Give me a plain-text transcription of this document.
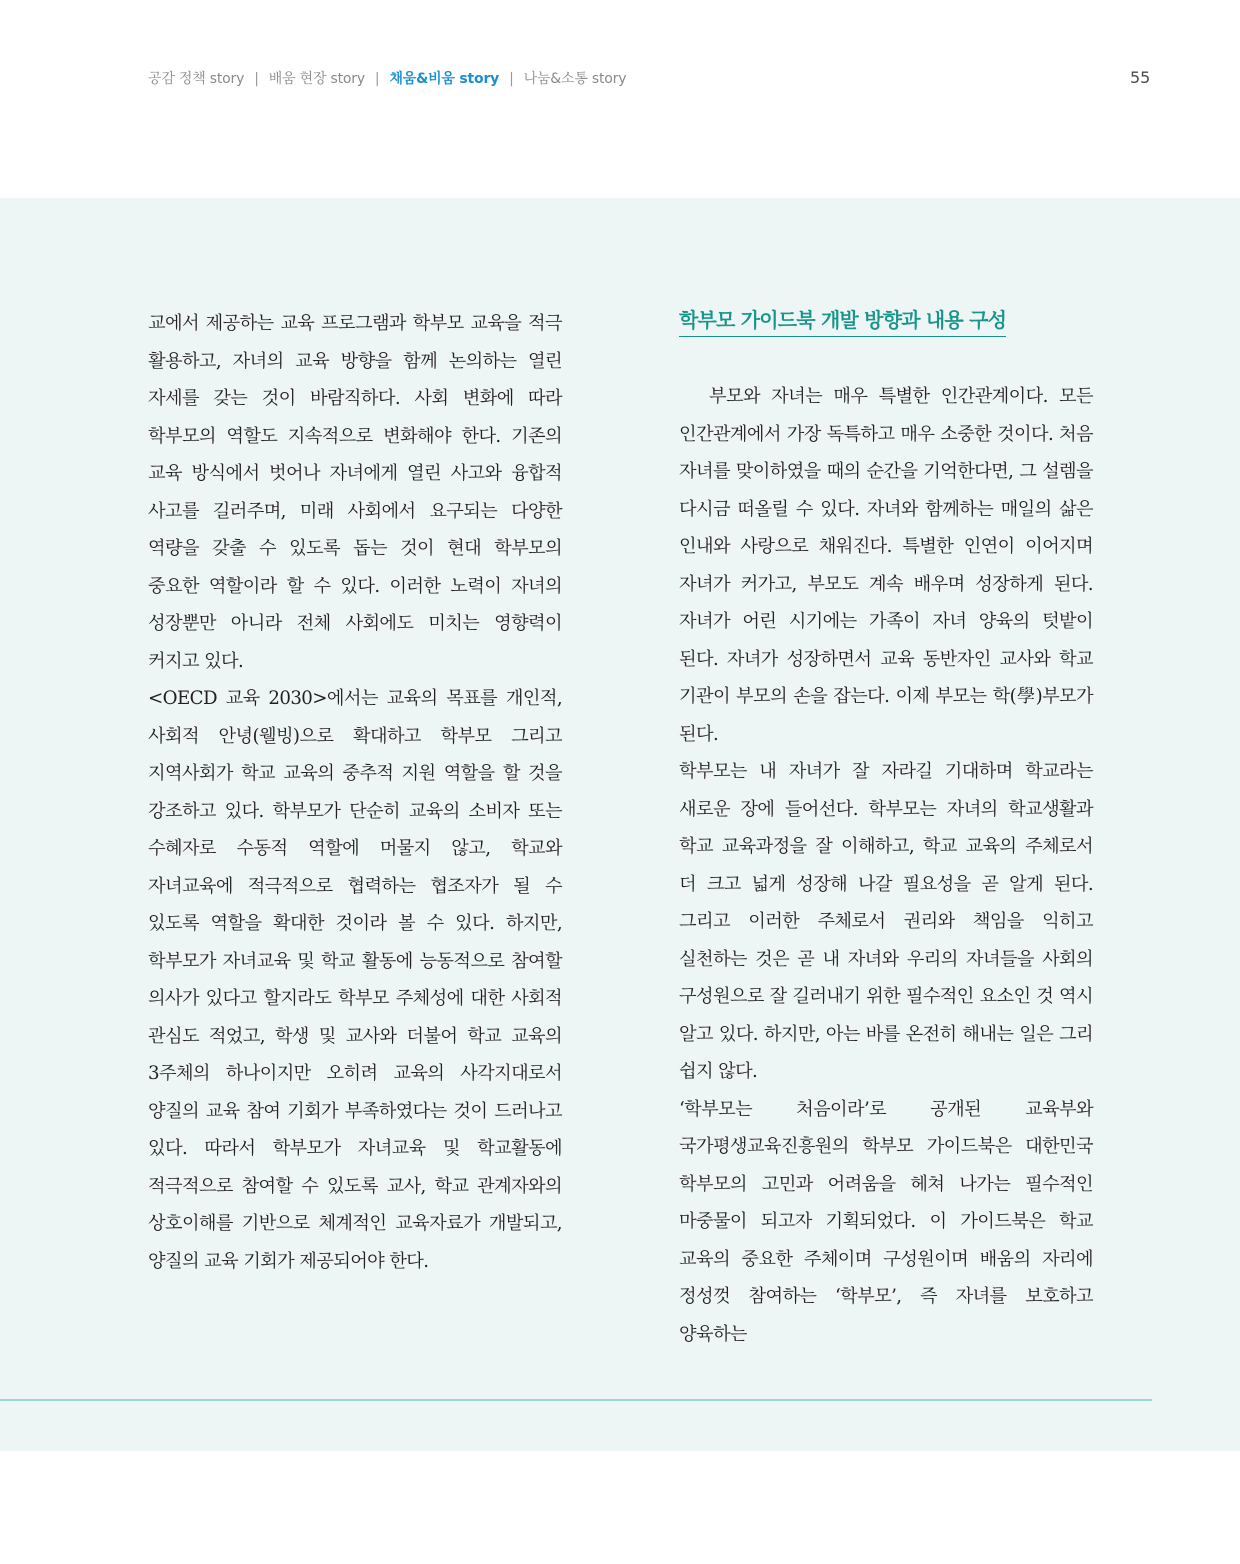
공감 정책 story | 배움 현장 story | 채움&비움 story | 나눔&소통 story	55

교에서 제공하는 교육 프로그램과 학부모 교육을 적극 활용하고, 자녀의 교육 방향을 함께 논의하는 열린 자세를 갖는 것이 바람직하다. 사회 변화에 따라 학부모의 역할도 지속적으로 변화해야 한다. 기존의 교육 방식에서 벗어나 자녀에게 열린 사고와 융합적 사고를 길러주며, 미래 사회에서 요구되는 다양한 역량을 갖출 수 있도록 돕는 것이 현대 학부모의 중요한 역할이라 할 수 있다. 이러한 노력이 자녀의 성장뿐만 아니라 전체 사회에도 미치는 영향력이 커지고 있다.

<OECD 교육 2030>에서는 교육의 목표를 개인적, 사회적 안녕(웰빙)으로 확대하고 학부모 그리고 지역사회가 학교 교육의 중추적 지원 역할을 할 것을 강조하고 있다. 학부모가 단순히 교육의 소비자 또는 수혜자로 수동적 역할에 머물지 않고, 학교와 자녀교육에 적극적으로 협력하는 협조자가 될 수 있도록 역할을 확대한 것이라 볼 수 있다. 하지만, 학부모가 자녀교육 및 학교 활동에 능동적으로 참여할 의사가 있다고 할지라도 학부모 주체성에 대한 사회적 관심도 적었고, 학생 및 교사와 더불어 학교 교육의 3주체의 하나이지만 오히려 교육의 사각지대로서 양질의 교육 참여 기회가 부족하였다는 것이 드러나고 있다. 따라서 학부모가 자녀교육 및 학교활동에 적극적으로 참여할 수 있도록 교사, 학교 관계자와의 상호이해를 기반으로 체계적인 교육자료가 개발되고, 양질의 교육 기회가 제공되어야 한다.

학부모 가이드북 개발 방향과 내용 구성

부모와 자녀는 매우 특별한 인간관계이다. 모든 인간관계에서 가장 독특하고 매우 소중한 것이다. 처음 자녀를 맞이하였을 때의 순간을 기억한다면, 그 설렘을 다시금 떠올릴 수 있다. 자녀와 함께하는 매일의 삶은 인내와 사랑으로 채워진다. 특별한 인연이 이어지며 자녀가 커가고, 부모도 계속 배우며 성장하게 된다. 자녀가 어린 시기에는 가족이 자녀 양육의 텃밭이 된다. 자녀가 성장하면서 교육 동반자인 교사와 학교 기관이 부모의 손을 잡는다. 이제 부모는 학(學)부모가 된다.

학부모는 내 자녀가 잘 자라길 기대하며 학교라는 새로운 장에 들어선다. 학부모는 자녀의 학교생활과 학교 교육과정을 잘 이해하고, 학교 교육의 주체로서 더 크고 넓게 성장해 나갈 필요성을 곧 알게 된다. 그리고 이러한 주체로서 권리와 책임을 익히고 실천하는 것은 곧 내 자녀와 우리의 자녀들을 사회의 구성원으로 잘 길러내기 위한 필수적인 요소인 것 역시 알고 있다. 하지만, 아는 바를 온전히 해내는 일은 그리 쉽지 않다.

‘학부모는 처음이라’로 공개된 교육부와 국가평생교육진흥원의 학부모 가이드북은 대한민국 학부모의 고민과 어려움을 헤쳐 나가는 필수적인 마중물이 되고자 기획되었다. 이 가이드북은 학교 교육의 중요한 주체이며 구성원이며 배움의 자리에 정성껏 참여하는 ‘학부모’, 즉 자녀를 보호하고 양육하는
